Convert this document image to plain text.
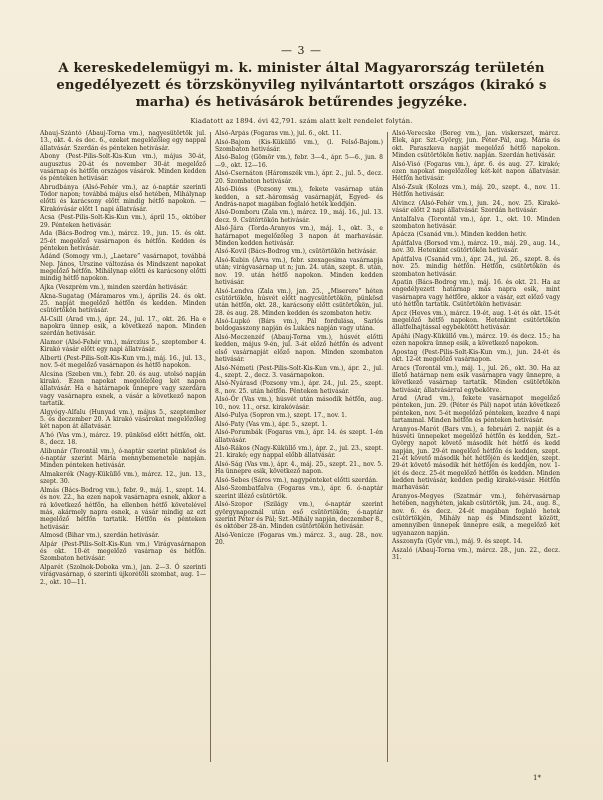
— 3 —
A kereskedelemügyi m. k. minister által Magyarország területén engedélyezett és törzskönyvileg nyilvántartott országos (kirakó s marha) és hetivásárok betűrendes jegyzéke.
Kiadatott az 1894. évi 42,791. szám alatt kelt rendelet folytán.

Abauj-Szántó (Abauj-Torna vm.), nagyesütörtök jul. 13., okt. 4. és dec. 6., ezeket megelőzőleg egy nappal állatvásár. Szerdán és pénteken hetivásár.

Abony (Pest-Pilis-Solt-Kis-Kun vm.), május 30-át, augusztus 20-át és november 30-át megelőző vasárnap és hétfőn országos vásárok. Minden kedden és pénteken hetivásár.

Abrudbánya (Alsó-Fehér vm.), az ó-naptár szerinti Tódor napon; továbbá május első hetében, Mihálynap előtti és karácsony előtt mindig hétfő napokon. — Kirakóvásár előtt 1 napi állatvásár.

Acsa (Pest-Pilis-Solt-Kis-Kun vm.), ápril 15., október 29. Pénteken hetivásár.

Ada (Bács-Bodrog vm.), márcz. 19., jun. 15. és okt. 25-ét megelőző vasárnapon és hétfőn. Kedden és pénteken hetivásár.

Adánd (Somogy vm.), „Laetare” vasárnapot, továbbá Nep. János, Urszine változása és Mindszent napokat megelőző hétfőn. Mihálynap előtti és karácsony előtti mindig hétfő napokon.

Ajka (Veszprém vm.), minden szerdán hetivásár.

Akna-Sugatag (Máramaros vm.), április 24. és okt. 25. napját megelőző hétfőn és kedden. Minden csütörtökön hetivásár.

Al-Csill (Arad vm.), ápr. 24., jul. 17., okt. 26. Ha e napokra ünnep esik, a következő napon. Minden szerdán hetivásár.

Alamor (Alsó-Fehér vm.), márczius 5., szeptember 4. Kirakó vásár előtt egy napi állatvásár.

Alberti (Pest-Pilis-Solt-Kis-Kun vm.), máj. 16., jul. 13., nov. 5-ét megelőző vasárnapon és hétfő napokon.

Alcsina (Szeben vm.), febr. 20. és aug. utolsó napján kirakó. Ezen napokat megelőzőleg két napon állatvásár. Ha e határnapok ünnepre vagy szerdára vagy vasárnapra esnek, a vásár a következő napon tartatik.

Algyógy-Alfalu (Hunyad vm.), május 5., szeptember 5. és deczember 20. A kirakó vásárokat megelőzőleg két napon át állatvásár.

A'hó (Vas vm.), márcz. 19. pünkösd előtt hétfőn, okt. 8., decz. 18.

Alibunár (Torontál vm.), ó-naptár szerint pünkösd és ó-naptár szerint Mária mennybemenetele napján. Minden pénteken hetivásár.

Almakerék (Nagy-Küküllő vm.), márcz. 12., jun. 13., szept. 30.

Almás (Bács-Bodrog vm.), febr. 9., máj. 1., szept. 14. és nov. 22., ha ezen napok vasárnapra esnek, akkor a rá következő hétfőn, ha ellenben hétfő követelével más, akármely napra esnek, a vásár mindig az ezt megelőző hétfőn tartatik. Hétfőn és pénteken hetivásár.

Almosd (Bihar vm.), szerdán hetivásár.

Alpár (Pest-Pilis-Solt-Kis-Kun vm.) Virágvasárnapon és okt. 10-ét megelőző vasárnap és hétfőn. Szombaton hetivásár.

Alparét (Szolnok-Doboka vm.), jan. 2—3. Ó szerinti virágvasárnap, ó szerinti újkorétőli szombat, aug. 1—2., okt. 10—11.

Alsó-Árpás (Fogaras vm.), jul. 6., okt. 11.

Alsó-Bajom (Kis-Küküllő vm.), (l. Felső-Bajom.) Szombaton hetivásár.

Alsó-Balog (Gömör vm.), febr. 3—4., ápr. 5—6., jun. 8—9., okt. 12—16.

Alsó-Csernáton (Háromszék vm.), ápr. 2., jul. 5., decz. 20. Szombaton hetivásár.

Alsó-Dióss (Pozsony vm.), fekete vasárnap után kedden, a szt.-háromság vasárnapját, Egyed- és András-napot magában foglaló heték keddjén.

Alsó-Domboru (Zala vm.), márcz. 19., máj. 16., jul. 13. decz. 9. Csütörtökön hetivásár.

Alsó-Jára (Torda-Aranyos vm.), máj. 1., okt. 3., e határnapot megelőzőleg 3 napon át marhavásár. Minden kedden hetivásár.

Alsó-Kovil (Bács-Bodrog vm.), csütörtökön hetivásár.

Alsó-Kubin (Árva vm.), febr. szexagesima vasárnapja után; virágvasárnap ut n; jun. 24. után, szept. 8. után, nov. 19. után hétfő napokon. Minden kedden hetivásár.

Alsó-Lendva (Zala vm.), jan. 25., „Miserere” héten csütörtökön, húsvét előtt nagycsütörtökön, pünkösd után hétfőn, okt. 28., karácsony előtt csütörtökön, jul. 28. és aug. 28. Minden kedden és szombaton hetiv.

Alsó-Lupkó (Bárs vm.), Pál fordulása, Sarlós boldogasszony napján és Lukács napján vagy utána.

Alsó-Meczenzéf (Abauj-Torna vm.), húsvét előtti kedden, május 9-én, jul. 3-át előző hétfőn és advent első vasárnapját előző napon. Minden szombaton hetivásár.

Alsó-Németi (Pest-Pilis-Solt-Kis-Kun vm.), ápr. 2., jul. 4., szept. 2., decz. 3. vasárnapokon.

Alsó-Nyárasd (Pozsony vm.), ápr. 24., jul. 25., szept. 8., nov. 25. után hétfőn. Pénteken hetivásár.

Alsó-Őr (Vas vm.), húsvét után második hétfőn, aug. 10., nov. 11., orsz. kirakóvásár.

Alsó-Pulya (Sopron vm.), szept. 17., nov. 1.

Alsó-Paty (Vas vm.), ápr. 5., szept. 1.

Alsó-Porumbák (Fogaras vm.), ápr. 14. és szept. 1-én állatvásár.

Alsó-Rákos (Nagy-Küküllő vm.), ápr. 2., jul. 23., szept. 21. kirakó; egy nappal előbb állatvásár.

Alsó-Ság (Vas vm.), ápr. 4., máj. 25., szept. 21., nov. 5. Ha ünnepre esik, következő napon.

Alsó-Sebes (Sáros vm.), nagypénteket előtti szerdán.

Alsó-Szombatfalva (Fogaras vm.), ápr. 6. ó-naptár szerint illéző csütörtök.

Alsó-Szopor (Szilágy vm.), ó-naptár szerint györgynapoznál után eső csütörtökön; ó-naptár szerint Péter és Pál; Szt.-Mihály napján, deczember 8., és október 28-án. Minden csütörtökön hetivásár.

Alsó-Venicze (Fogaras vm.) márcz. 3., aug. 28., nov. 20.

Alsó-Verecske (Bereg vm.), jan. viskerszet, márcz. Elek, ápr. Szt.-György, jun. Péter-Pál, aug. Mária és okt. Paraszkeva napját megelőző hétfő napokon. Minden csütörtökön hetiv. napján. Szerdán hetivásár.

Alsó-Visó (Fogaras vm.), ápr. 6. és aug. 27. kirakó; ezen napokat megelőzőleg két-két napon állatvásár. Hétfőn hetivásár.

Alsó-Zsuk (Kolozs vm.), máj. 20., szept. 4., nov. 11. Hétfőn hetivásár.

Alvincz (Alsó-Fehér vm.), jun. 24., nov. 25. Kirakó-vásár előtt 2 napi állatvásár. Szerdán hetivásár.

Antalfalva (Torontál vm.), ápr. 1., okt. 10. Minden szombaton hetivásár.

Apácza (Csanád vm.). Minden kedden hetiv.

Apátfalva (Borsod vm.), márcz. 19., máj. 29., aug. 14., nov. 30. Hetenkint csütörtökön hetivásár.

Apátfalva (Csanád vm.), ápr. 24., jul. 26., szept. 8. és nov. 25. mindig hétfőn. Hétfőn, csütörtökön és szombaton hetivásár.

Apatin (Bács-Bodrog vm.), máj. 16. és okt. 21. Ha az engedélyezett határnap más napra esik, mint vasárnapra vagy hétfőre, akkor a vásár, ezt előző vagy utó hétfőn tartatik. Csütörtökön hetivásár.

Apcz (Heves vm.), márcz. 19-ét, aug. 1-ét és okt. 15-ét megelőző hétfő napokon. Hetenkint csütörtökön állatfelhajtással egybekötött hetivásár.

Apáhi (Nagy-Küküllő vm.), márcz. 19. és decz. 15.; ha ezen napokra ünnep esik, a következő napokon.

Apostag (Pest-Pilis-Solt-Kis-Kun vm.), jun. 24-ét és okt. 12-ét megelőző vasárnapon.

Aracs (Torontál vm.), máj. 1., jul. 26., okt. 30. Ha az illető határnap nem esik vasárnapra vagy ünnepre, a következő vasárnap tartatik. Minden csütörtökön hetivásár, állatvásárral egybekötve.

Arad (Arad vm.), fekete vasárnapot megelőző pénteken, jun. 29. (Péter és Pál) napot után következő pénteken, nov. 5-ét megelőző pénteken, kezdve 4 napi tartammal. Minden hétfőn és pénteken hetivásár.

Aranyos-Marót (Bars vm.), a februári 2. napját és a húsvéti ünnepeket megelőző hétfőn és kedden, Szt.-György napot követő második hét hétfő és kedd napján, jun. 29-ét megelőző hétfőn és kedden, szept. 21-ét követő második hét hétfőjén és keddjén, szept. 29-ét követő második hét hétfőjén és keddjén, nov. 1-jét és decz. 25-ét megelőző hétfőn és kedden. Minden kedden hetivásár, kedden pedig kirakó-vásár. Hétfőn marhavásár.

Aranyos-Megyes (Szatmár vm.), fehérvasárnap hetében, nagyhéten, jakab csütörtök, jun. 24., aug. 8., nov. 6. és decz. 24-ét magában foglaló hetek csütörtökjén, Mihály nap és Mindszent között, amennyiben ünnepek ünnepre esik, a megelőző két ugyanazon napján.

Asszonyfa (Győr vm.), máj. 9. és szept. 14.

Aszaló (Abauj-Torna vm.), márcz. 28., jun. 22., decz. 31.

1*
